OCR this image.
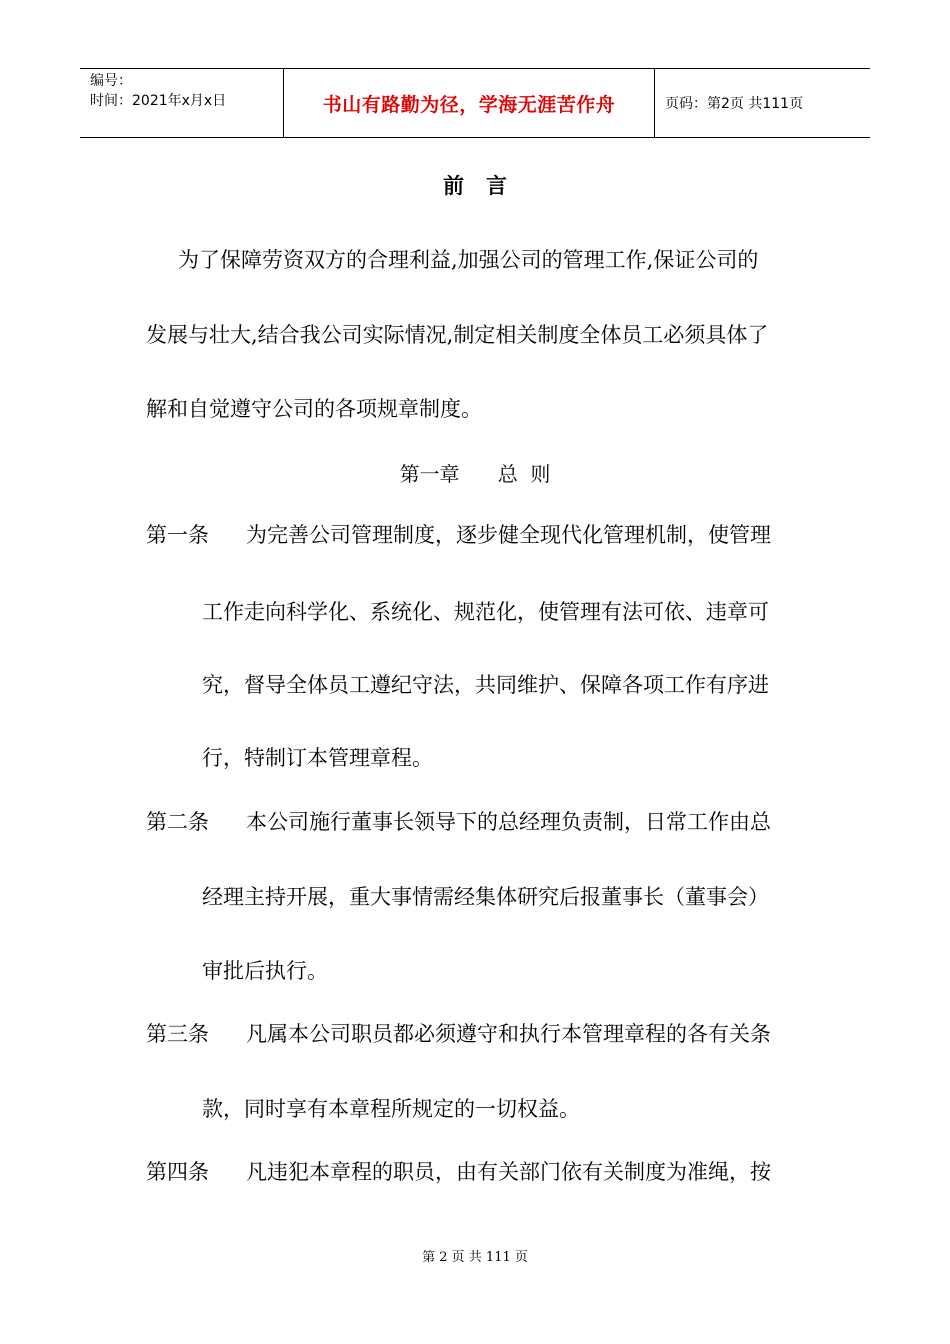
编号：
时间：2021年x月x日	书山有路勤为径，学海无涯苦作舟	页码：第2页 共111页
前言
为了保障劳资双方的合理利益,加强公司的管理工作,保证公司的
发展与壮大,结合我公司实际情况,制定相关制度全体员工必须具体了
解和自觉遵守公司的各项规章制度。
第一章      总  则
第一条 为完善公司管理制度，逐步健全现代化管理机制，使管理
工作走向科学化、系统化、规范化，使管理有法可依、违章可
究，督导全体员工遵纪守法，共同维护、保障各项工作有序进
行，特制订本管理章程。
第二条 本公司施行董事长领导下的总经理负责制，日常工作由总
经理主持开展，重大事情需经集体研究后报董事长（董事会）
审批后执行。
第三条 凡属本公司职员都必须遵守和执行本管理章程的各有关条
款，同时享有本章程所规定的一切权益。
第四条 凡违犯本章程的职员，由有关部门依有关制度为准绳，按
第 2 页 共 111 页
